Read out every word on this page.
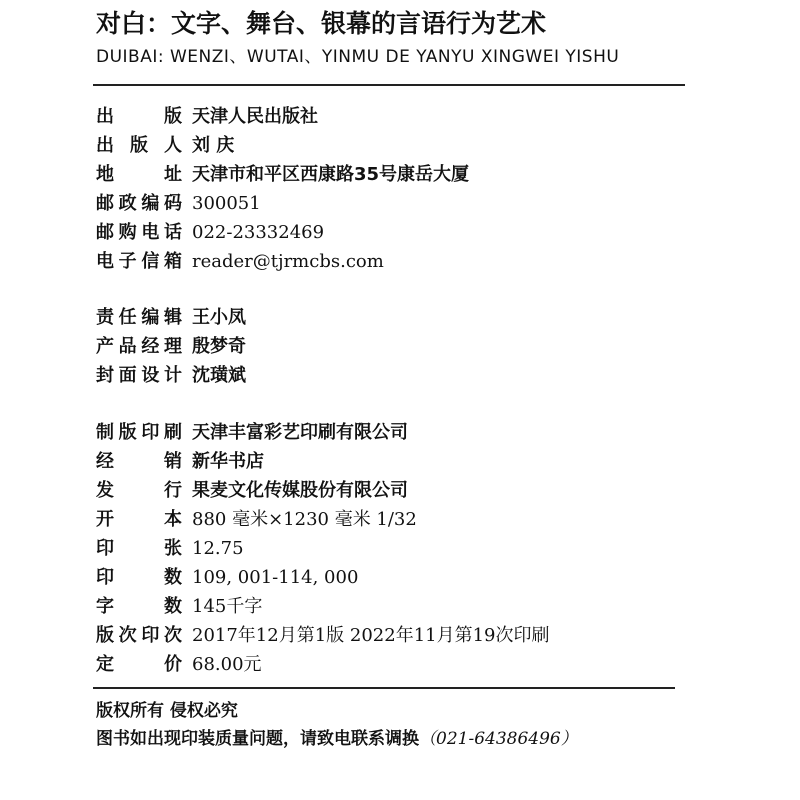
对白：文字、舞台、银幕的言语行为艺术
DUIBAI: WENZI、WUTAI、YINMU DE YANYU XINGWEI YISHU
出	版 天津人民出版社
出 版 人 刘 庆
地	址 天津市和平区西康路35号康岳大厦
邮 政 编 码 300051
邮 购 电 话 022-23332469
电 子 信 箱 reader@tjrmcbs.com
责 任 编 辑 王小凤
产 品 经 理 殷梦奇
封 面 设 计 沈璜斌
制 版 印 刷 天津丰富彩艺印刷有限公司
经	销 新华书店
发	行 果麦文化传媒股份有限公司
开	本 880 毫米×1230 毫米 1/32
印	张 12.75
印	数 109, 001-114, 000
字	数 145千字
版 次 印 次 2017年12月第1版 2022年11月第19次印刷
定	价 68.00元
版权所有 侵权必究
图书如出现印装质量问题，请致电联系调换（021-64386496）
